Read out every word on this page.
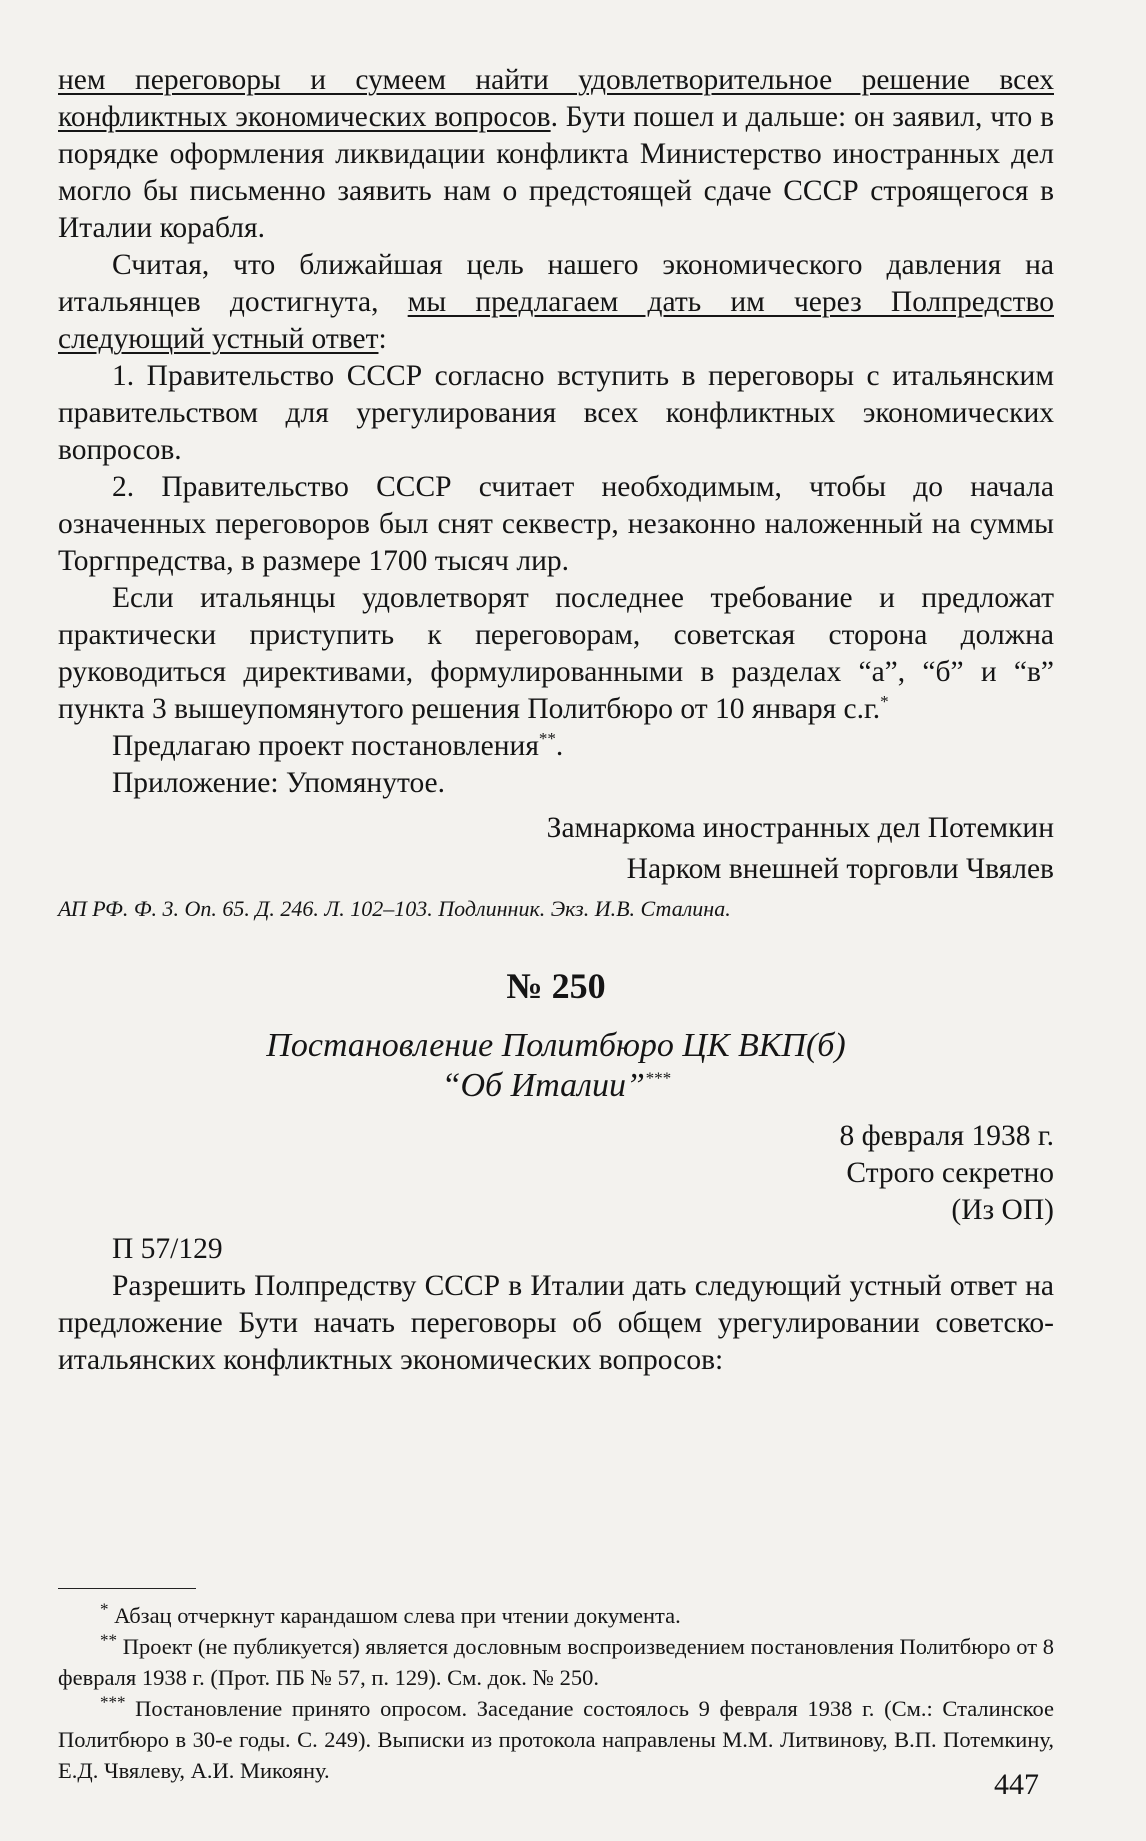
нем переговоры и сумеем найти удовлетворительное решение всех конфликтных экономических вопросов. Бути пошел и дальше: он заявил, что в порядке оформления ликвидации конфликта Министерство иностранных дел могло бы письменно заявить нам о предстоящей сдаче СССР строящегося в Италии корабля.

Считая, что ближайшая цель нашего экономического давления на итальянцев достигнута, мы предлагаем дать им через Полпредство следующий устный ответ:

1. Правительство СССР согласно вступить в переговоры с итальянским правительством для урегулирования всех конфликтных экономических вопросов.

2. Правительство СССР считает необходимым, чтобы до начала означенных переговоров был снят секвестр, незаконно наложенный на суммы Торгпредства, в размере 1700 тысяч лир.

Если итальянцы удовлетворят последнее требование и предложат практически приступить к переговорам, советская сторона должна руководиться директивами, формулированными в разделах “а”, “б” и “в” пункта 3 вышеупомянутого решения Политбюро от 10 января с.г.*

Предлагаю проект постановления**.

Приложение: Упомянутое.

Замнаркома иностранных дел Потемкин

Нарком внешней торговли Чвялев

АП РФ. Ф. 3. Оп. 65. Д. 246. Л. 102–103. Подлинник. Экз. И.В. Сталина.

№ 250
Постановление Политбюро ЦК ВКП(б)
“Об Италии”***

8 февраля 1938 г.

Строго секретно

(Из ОП)

П 57/129

Разрешить Полпредству СССР в Италии дать следующий устный ответ на предложение Бути начать переговоры об общем урегулировании советско-итальянских конфликтных экономических вопросов:

* Абзац отчеркнут карандашом слева при чтении документа.

** Проект (не публикуется) является дословным воспроизведением постановления Политбюро от 8 февраля 1938 г. (Прот. ПБ № 57, п. 129). См. док. № 250.

*** Постановление принято опросом. Заседание состоялось 9 февраля 1938 г. (См.: Сталинское Политбюро в 30-е годы. С. 249). Выписки из протокола направлены М.М. Литвинову, В.П. Потемкину, Е.Д. Чвялеву, А.И. Микояну.	447
